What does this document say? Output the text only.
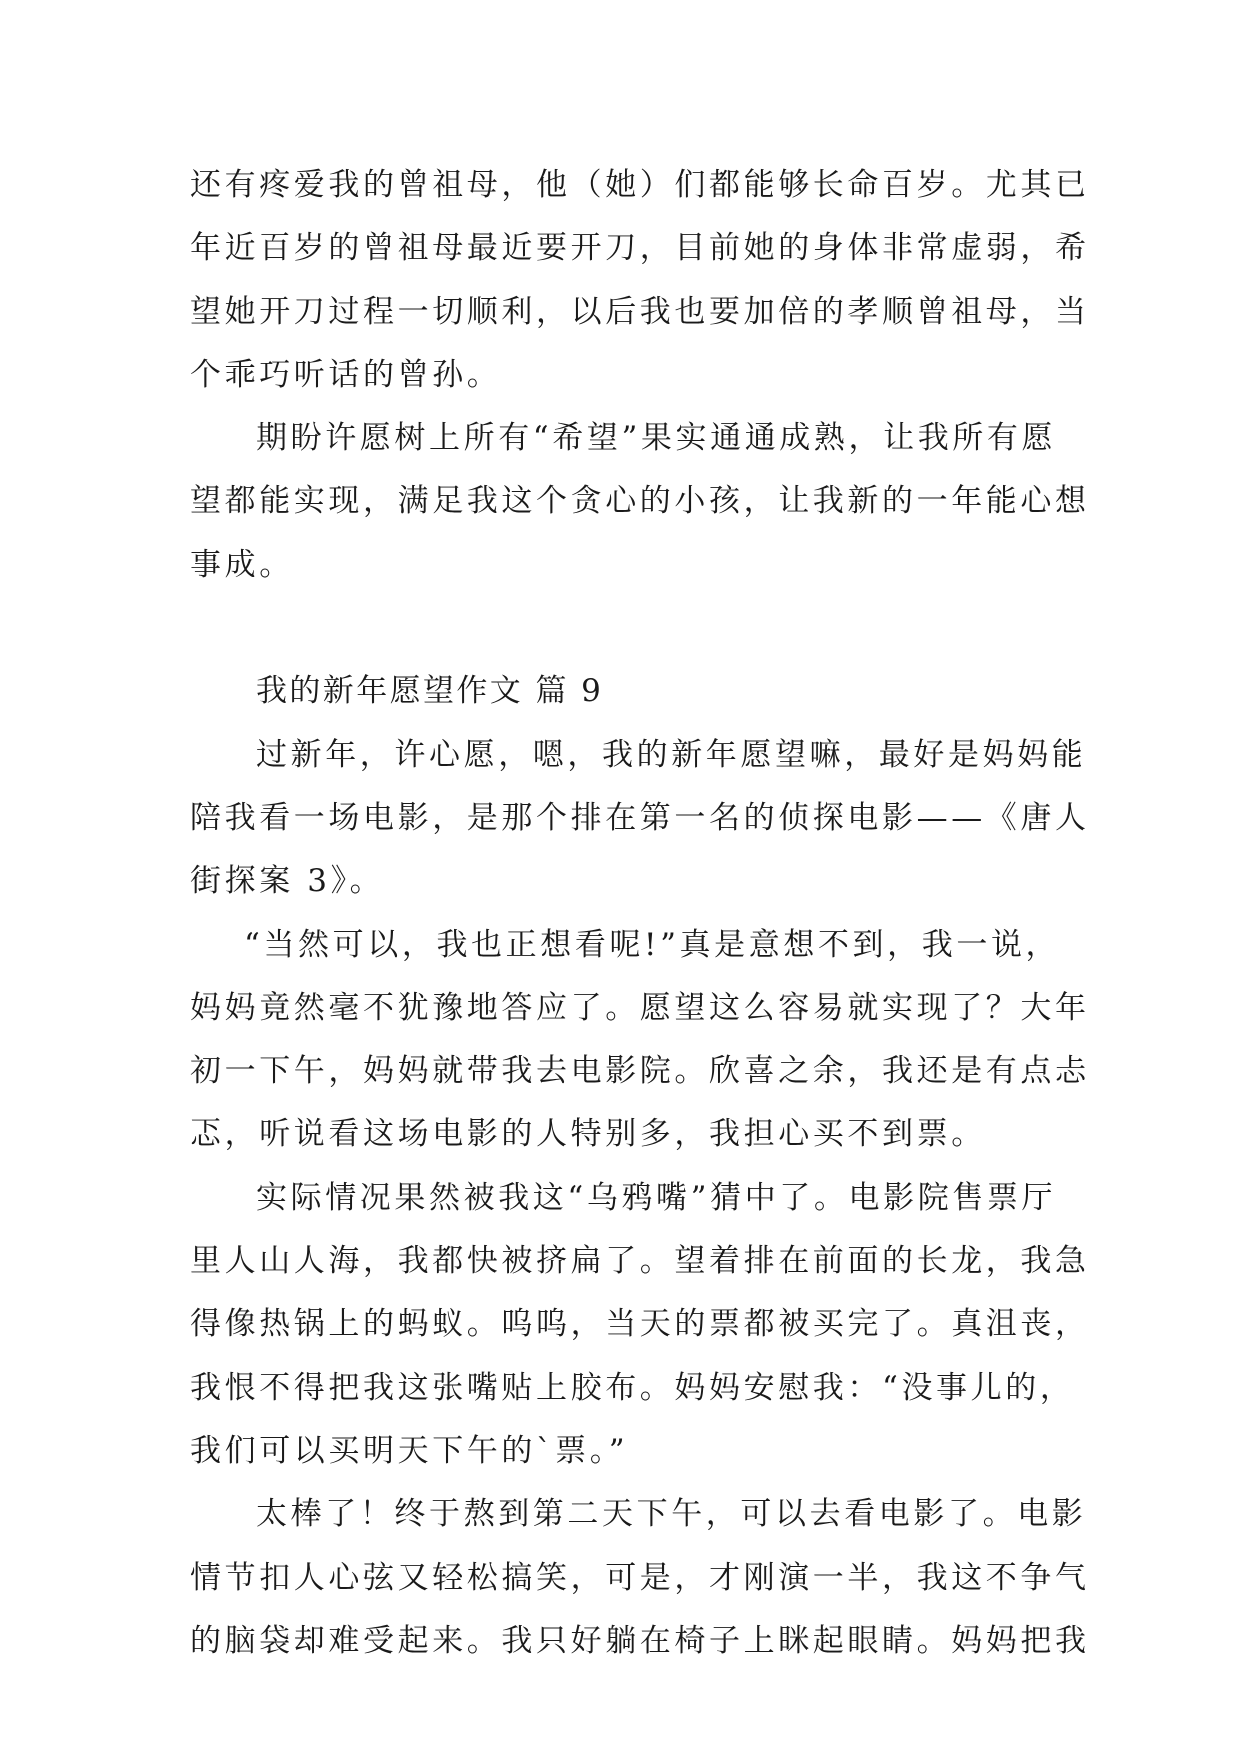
还有疼爱我的曾祖母，他（她）们都能够长命百岁。尤其已
年近百岁的曾祖母最近要开刀，目前她的身体非常虚弱，希
望她开刀过程一切顺利，以后我也要加倍的孝顺曾祖母，当
个乖巧听话的曾孙。
期盼许愿树上所有“希望”果实通通成熟，让我所有愿
望都能实现，满足我这个贪心的小孩，让我新的一年能心想
事成。
我的新年愿望作文 篇 9
过新年，许心愿，嗯，我的新年愿望嘛，最好是妈妈能
陪我看一场电影，是那个排在第一名的侦探电影——《唐人
街探案 3》。
“当然可以，我也正想看呢!”真是意想不到，我一说，
妈妈竟然毫不犹豫地答应了。愿望这么容易就实现了？大年
初一下午，妈妈就带我去电影院。欣喜之余，我还是有点忐
忑，听说看这场电影的人特别多，我担心买不到票。
实际情况果然被我这“乌鸦嘴”猜中了。电影院售票厅
里人山人海，我都快被挤扁了。望着排在前面的长龙，我急
得像热锅上的蚂蚁。呜呜，当天的票都被买完了。真沮丧，
我恨不得把我这张嘴贴上胶布。妈妈安慰我：“没事儿的，
我们可以买明天下午的`票。”
太棒了！终于熬到第二天下午，可以去看电影了。电影
情节扣人心弦又轻松搞笑，可是，才刚演一半，我这不争气
的脑袋却难受起来。我只好躺在椅子上眯起眼睛。妈妈把我
